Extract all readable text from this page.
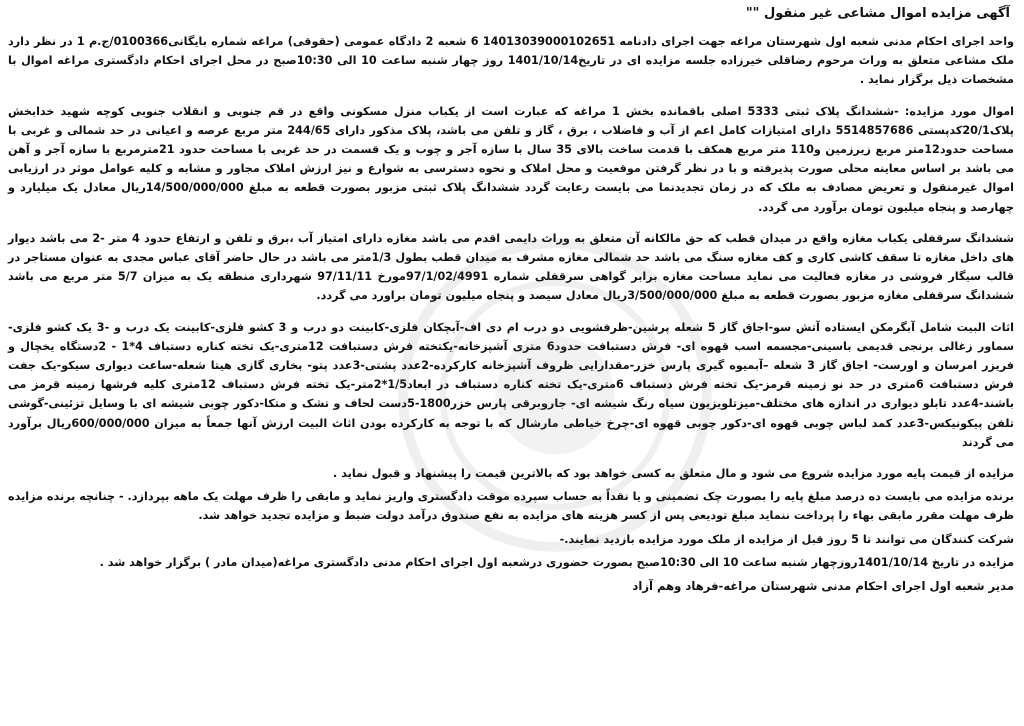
آگهی مزایده اموال مشاعی غیر منقول ""

واحد اجرای احکام مدنی شعبه اول شهرستان مراغه جهت اجرای دادنامه 14013039000102651 6 شعبه 2 دادگاه عمومی (حقوقی) مراغه شماره بایگانی0100366/ج.م 1 در نظر دارد ملک مشاعی متعلق به وراث مرحوم رضاقلی خیرزاده جلسه مزایده ای در تاریخ1401/10/14 روز چهار شنبه ساعت 10 الی 10:30صبح در محل اجرای احکام دادگستری مراغه اموال با مشخصات ذیل برگزار نماید .

اموال مورد مزایده: -ششدانگ پلاک ثبتی 5333 اصلی باقمانده بخش 1 مراغه که عبارت است از یکباب منزل مسکونی واقع در قم جنوبی و انقلاب جنوبی کوچه شهید خدابخش پلاک20/1کدپستی 5514857686 دارای امتیازات کامل اعم از آب و فاضلاب ، برق ، گاز و تلفن می باشد، پلاک مذکور دارای 244/65 متر مربع عرصه و اعیانی در حد شمالی و غربی با مساحت حدود12متر مربع زیرزمین و110 متر مربع همکف با قدمت ساخت بالای 35 سال با سازه آجر و چوب و یک قسمت در حد غربی با مساحت حدود 21مترمربع با سازه آجر و آهن می باشد بر اساس معاینه محلی صورت پذیرفته و با در نظر گرفتن موقعیت و محل املاک و نحوه دسترسی به شوارع و نیز ارزش املاک مجاور و مشابه و کلیه عوامل موثر در ارزیابی اموال غیرمنقول و تعریض مصادف به ملک که در زمان تجدیدنما می بایست رعایت گردد ششدانگ پلاک ثبتی مزبور بصورت قطعه به مبلغ 14/500/000/000ریال معادل یک میلیارد و چهارصد و پنجاه میلیون تومان برآورد می گردد.

ششدانگ سرقفلی یکباب مغازه واقع در میدان قطب که حق مالکانه آن متعلق به وراث دایمی اقدم می باشد مغازه دارای امتیاز آب ،برق و تلفن و ارتفاع حدود 4 متر -2 می باشد دیوار های داخل مغازه تا سقف کاشی کاری و کف مغازه سنگ می باشد حد شمالی مغازه مشرف به میدان قطب بطول 1/3متر می باشد در حال حاضر آقای عباس مجدی به عنوان مستاجر در قالب سیگار فروشی در مغازه فعالیت می نماید مساحت مغازه برابر گواهی سرقفلی شماره 97/1/02/4991مورخ 97/11/11 شهرداری منطقه یک به میزان 5/7 متر مربع می باشد ششدانگ سرقفلی مغازه مزبور بصورت قطعه به مبلغ 3/500/000/000ریال معادل سیصد و پنجاه میلیون تومان براورد می گردد.

اثاث البیت شامل آبگرمکن ایستاده آتش سو-اجاق گاز 5 شعله پرشین-ظرفشویی دو درب ام دی اف-آبچکان فلزی-کابینت دو درب و 3 کشو فلزی-کابینت یک درب و -3 یک کشو فلزی-سماور زغالی برنجی قدیمی باسینی-مجسمه اسب قهوه ای- فرش دستبافت حدود6 متری آشپزخانه-یکتخته فرش دستبافت 12متری-یک تخته کناره دستباف 4*1 - 2دستگاه یخچال و فریزر امرسان و اورست- اجاق گاز 3 شعله –آبمیوه گیری پارس خزر-مقدارایی ظروف آشپزخانه کارکرده-2عدد پشتی-3عدد پتو- بخاری گازی هیتا شعله-ساعت دیواری سیکو-یک جفت فرش دستبافت 6متری در حد نو زمینه قرمز-یک تخته فرش دستباف 6متری-یک تخته کناره دستباف در ابعاد1/5*2متر-یک تخته فرش دستباف 12متری کلیه فرشها زمینه قرمز می باشند-4عدد تابلو دیواری در اندازه های مختلف-میزتلویزیون سیاه رنگ شیشه ای- جاروبرقی پارس خزر1800-5دست لحاف و تشک و متکا-دکور چوبی شیشه ای با وسایل تزئینی-گوشی تلفن پیکونیکس-3عدد کمد لباس چوبی قهوه ای-دکور چوبی قهوه ای-چرخ خیاطی مارشال که با توجه به کارکرده بودن اثاث البیت ارزش آنها جمعاً به میزان 600/000/000ریال برآورد می گردند

مزایده از قیمت پایه مورد مزایده شروع می شود و مال متعلق به کسی خواهد بود که بالاترین قیمت را پیشنهاد و قبول نماید .

برنده مزایده می بایست ده درصد مبلغ پایه را بصورت چک تضمینی و یا نقداً به حساب سپرده موقت دادگستری واریز نماید و مابقی را ظرف مهلت یک ماهه بپردازد. - چنانچه برنده مزایده ظرف مهلت مقرر مابقی بهاء را پرداخت ننماید مبلغ تودیعی پس از کسر هزینه های مزایده به نفع صندوق درآمد دولت ضبط و مزایده تجدید خواهد شد.

شرکت کنندگان می توانند تا 5 روز قبل از مزایده از ملک مورد مزایده بازدید نمایند.-

مزایده در تاریخ 1401/10/14روزچهار شنبه ساعت 10 الی 10:30صبح بصورت حضوری درشعبه اول اجرای احکام مدنی دادگستری مراغه(میدان مادر ) برگزار خواهد شد .

مدیر شعبه اول اجرای احکام مدنی شهرستان مراغه-فرهاد وهم آزاد
